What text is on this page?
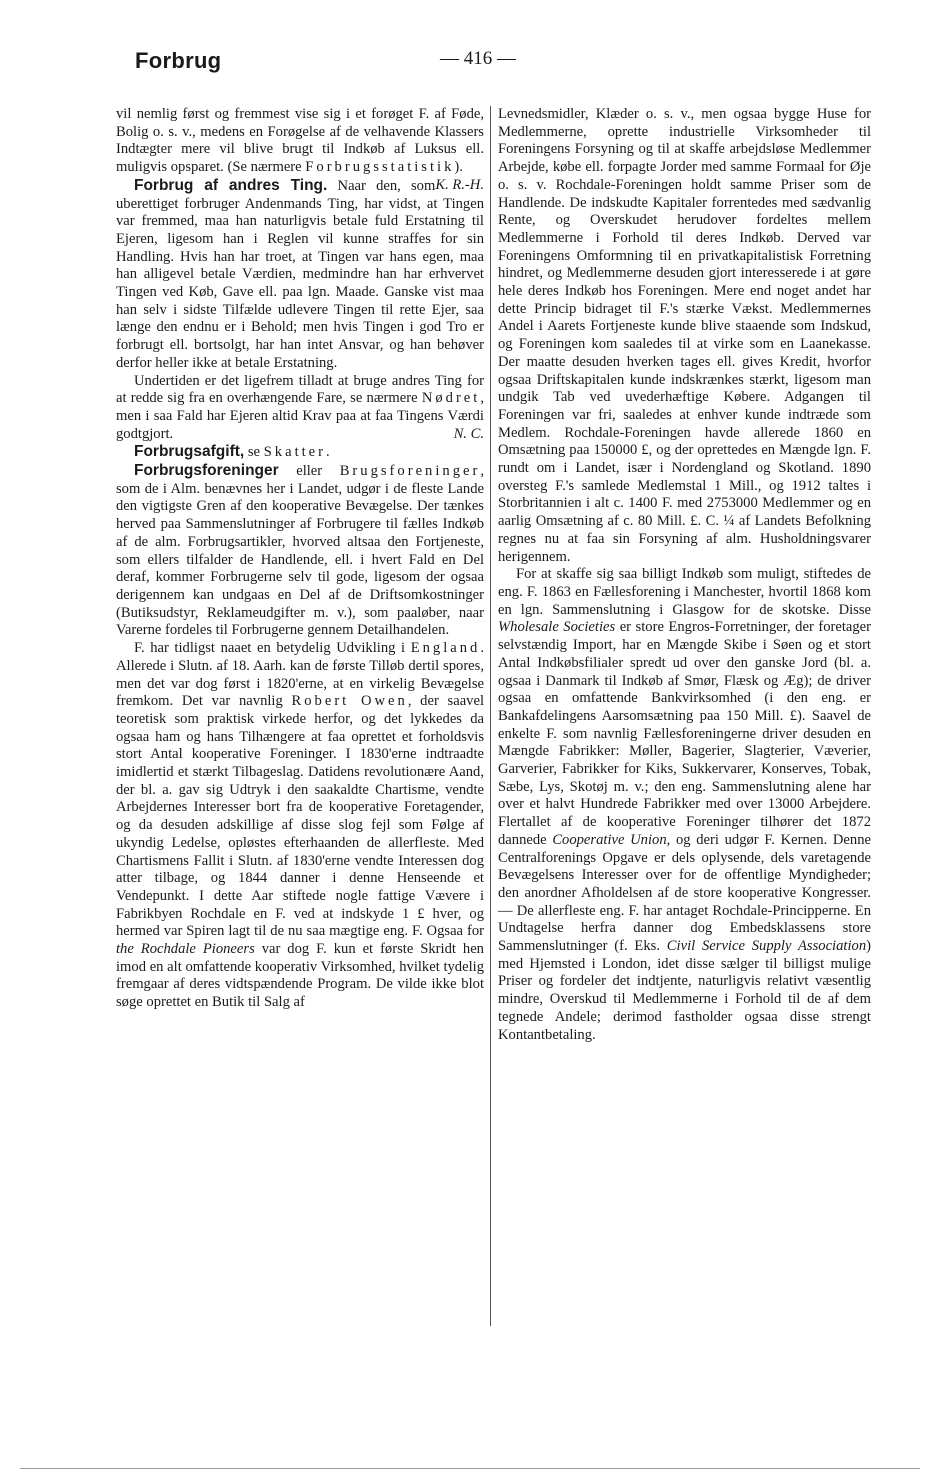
Forbrug	— 416 —

vil nemlig først og fremmest vise sig i et forøget F. af Føde, Bolig o. s. v., medens en Forøgelse af de velhavende Klassers Indtægter mere vil blive brugt til Indkøb af Luksus ell. muligvis opsparet. (Se nærmere Forbrugsstatistik).
K. R.-H.

Forbrug af andres Ting. Naar den, som uberettiget forbruger Andenmands Ting, har vidst, at Tingen var fremmed, maa han naturligvis betale fuld Erstatning til Ejeren, ligesom han i Reglen vil kunne straffes for sin Handling. Hvis han har troet, at Tingen var hans egen, maa han alligevel betale Værdien, medmindre han har erhvervet Tingen ved Køb, Gave ell. paa lgn. Maade. Ganske vist maa han selv i sidste Tilfælde udlevere Tingen til rette Ejer, saa længe den endnu er i Behold; men hvis Tingen i god Tro er forbrugt ell. bortsolgt, har han intet Ansvar, og han behøver derfor heller ikke at betale Erstatning.

Undertiden er det ligefrem tilladt at bruge andres Ting for at redde sig fra en overhængende Fare, se nærmere Nødret, men i saa Fald har Ejeren altid Krav paa at faa Tingens Værdi godtgjort.	N. C.

Forbrugsafgift, se Skatter.

Forbrugsforeninger eller Brugsforeninger, som de i Alm. benævnes her i Landet, udgør i de fleste Lande den vigtigste Gren af den kooperative Bevægelse. Der tænkes herved paa Sammenslutninger af Forbrugere til fælles Indkøb af de alm. Forbrugsartikler, hvorved altsaa den Fortjeneste, som ellers tilfalder de Handlende, ell. i hvert Fald en Del deraf, kommer Forbrugerne selv til gode, ligesom der ogsaa derigennem kan undgaas en Del af de Driftsomkostninger (Butiksudstyr, Reklameudgifter m. v.), som paaløber, naar Varerne fordeles til Forbrugerne gennem Detailhandelen.

F. har tidligst naaet en betydelig Udvikling i England. Allerede i Slutn. af 18. Aarh. kan de første Tilløb dertil spores, men det var dog først i 1820'erne, at en virkelig Bevægelse fremkom. Det var navnlig Robert Owen, der saavel teoretisk som praktisk virkede herfor, og det lykkedes da ogsaa ham og hans Tilhængere at faa oprettet et forholdsvis stort Antal kooperative Foreninger. I 1830'erne indtraadte imidlertid et stærkt Tilbageslag. Datidens revolutionære Aand, der bl. a. gav sig Udtryk i den saakaldte Chartisme, vendte Arbejdernes Interesser bort fra de kooperative Foretagender, og da desuden adskillige af disse slog fejl som Følge af ukyndig Ledelse, opløstes efterhaanden de allerfleste. Med Chartismens Fallit i Slutn. af 1830'erne vendte Interessen dog atter tilbage, og 1844 danner i denne Henseende et Vendepunkt. I dette Aar stiftede nogle fattige Vævere i Fabrikbyen Rochdale en F. ved at indskyde 1 £ hver, og hermed var Spiren lagt til de nu saa mægtige eng. F. Ogsaa for the Rochdale Pioneers var dog F. kun et første Skridt hen imod en alt omfattende kooperativ Virksomhed, hvilket tydelig fremgaar af deres vidtspændende Program. De vilde ikke blot søge oprettet en Butik til Salg af

Levnedsmidler, Klæder o. s. v., men ogsaa bygge Huse for Medlemmerne, oprette industrielle Virksomheder til Foreningens Forsyning og til at skaffe arbejdsløse Medlemmer Arbejde, købe ell. forpagte Jorder med samme Formaal for Øje o. s. v. Rochdale-Foreningen holdt samme Priser som de Handlende. De indskudte Kapitaler forrentedes med sædvanlig Rente, og Overskudet herudover fordeltes mellem Medlemmerne i Forhold til deres Indkøb. Derved var Foreningens Omformning til en privatkapitalistisk Forretning hindret, og Medlemmerne desuden gjort interesserede i at gøre hele deres Indkøb hos Foreningen. Mere end noget andet har dette Princip bidraget til F.'s stærke Vækst. Medlemmernes Andel i Aarets Fortjeneste kunde blive staaende som Indskud, og Foreningen kom saaledes til at virke som en Laanekasse. Der maatte desuden hverken tages ell. gives Kredit, hvorfor ogsaa Driftskapitalen kunde indskrænkes stærkt, ligesom man undgik Tab ved uvederhæftige Købere. Adgangen til Foreningen var fri, saaledes at enhver kunde indtræde som Medlem. Rochdale-Foreningen havde allerede 1860 en Omsætning paa 150000 £, og der oprettedes en Mængde lgn. F. rundt om i Landet, især i Nordengland og Skotland. 1890 oversteg F.'s samlede Medlemstal 1 Mill., og 1912 taltes i Storbritannien i alt c. 1400 F. med 2753000 Medlemmer og en aarlig Omsætning af c. 80 Mill. £. C. ¼ af Landets Befolkning regnes nu at faa sin Forsyning af alm. Husholdningsvarer herigennem.

For at skaffe sig saa billigt Indkøb som muligt, stiftedes de eng. F. 1863 en Fællesforening i Manchester, hvortil 1868 kom en lgn. Sammenslutning i Glasgow for de skotske. Disse Wholesale Societies er store Engros-Forretninger, der foretager selvstændig Import, har en Mængde Skibe i Søen og et stort Antal Indkøbsfilialer spredt ud over den ganske Jord (bl. a. ogsaa i Danmark til Indkøb af Smør, Flæsk og Æg); de driver ogsaa en omfattende Bankvirksomhed (i den eng. er Bankafdelingens Aarsomsætning paa 150 Mill. £). Saavel de enkelte F. som navnlig Fællesforeningerne driver desuden en Mængde Fabrikker: Møller, Bagerier, Slagterier, Væverier, Garverier, Fabrikker for Kiks, Sukkervarer, Konserves, Tobak, Sæbe, Lys, Skotøj m. v.; den eng. Sammenslutning alene har over et halvt Hundrede Fabrikker med over 13000 Arbejdere. Flertallet af de kooperative Foreninger tilhører det 1872 dannede Cooperative Union, og deri udgør F. Kernen. Denne Centralforenings Opgave er dels oplysende, dels varetagende Bevægelsens Interesser over for de offentlige Myndigheder; den anordner Afholdelsen af de store kooperative Kongresser. — De allerfleste eng. F. har antaget Rochdale-Principperne. En Undtagelse herfra danner dog Embedsklassens store Sammenslutninger (f. Eks. Civil Service Supply Association) med Hjemsted i London, idet disse sælger til billigst mulige Priser og fordeler det indtjente, naturligvis relativt væsentlig mindre, Overskud til Medlemmerne i Forhold til de af dem tegnede Andele; derimod fastholder ogsaa disse strengt Kontantbetaling.
